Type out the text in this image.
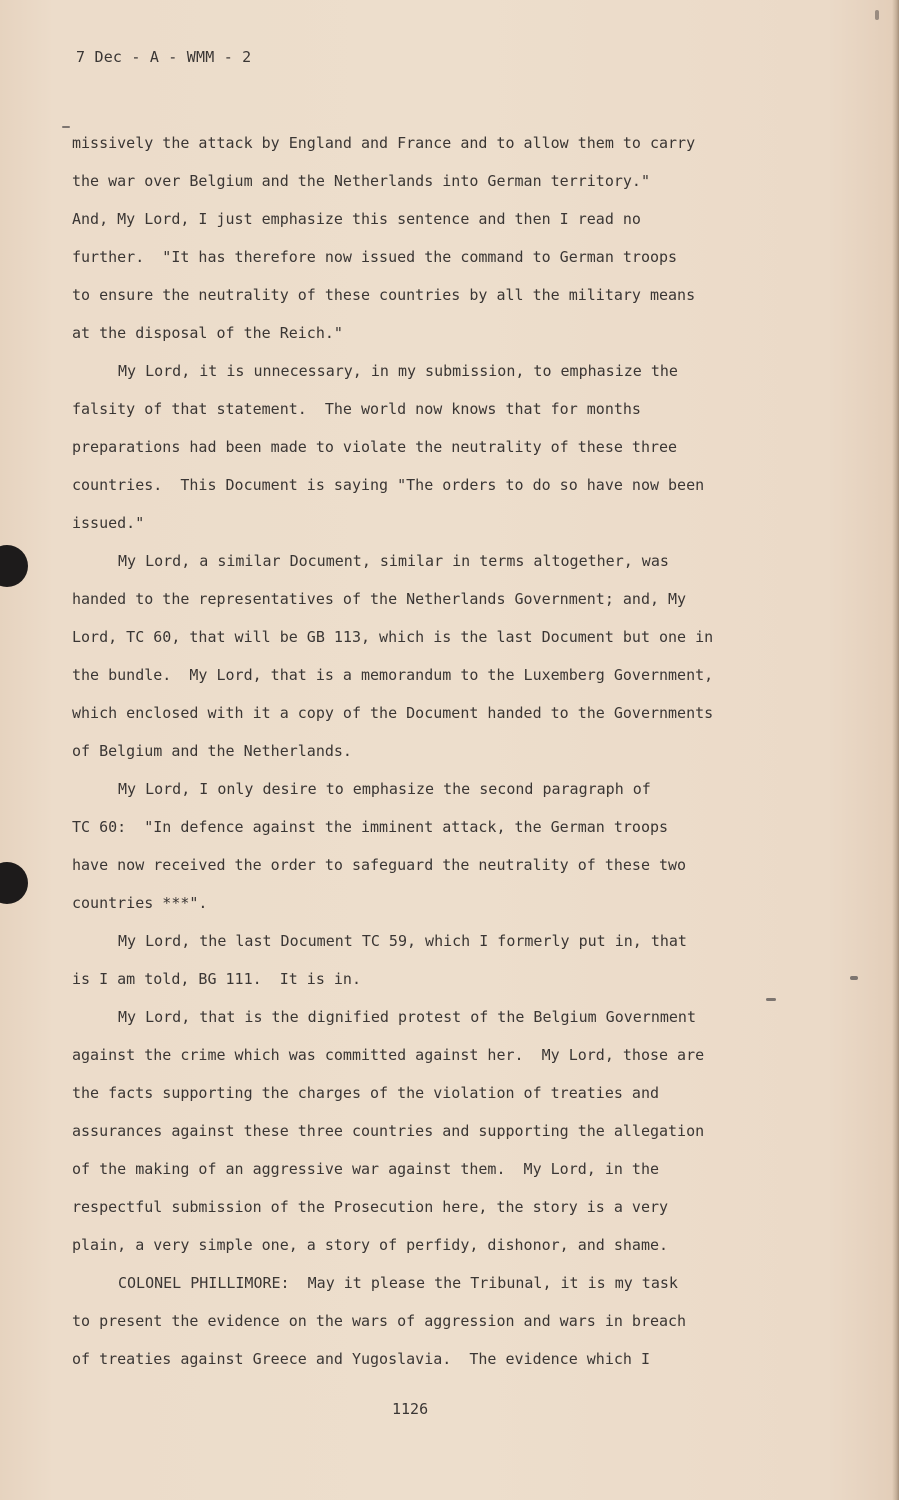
7 Dec - A - WMM - 2
missively the attack by England and France and to allow them to carry
the war over Belgium and the Netherlands into German territory."
And, My Lord, I just emphasize this sentence and then I read no
further.  "It has therefore now issued the command to German troops
to ensure the neutrality of these countries by all the military means
at the disposal of the Reich."
My Lord, it is unnecessary, in my submission, to emphasize the
falsity of that statement.  The world now knows that for months
preparations had been made to violate the neutrality of these three
countries.  This Document is saying "The orders to do so have now been
issued."
My Lord, a similar Document, similar in terms altogether, was
handed to the representatives of the Netherlands Government; and, My
Lord, TC 60, that will be GB 113, which is the last Document but one in
the bundle.  My Lord, that is a memorandum to the Luxemberg Government,
which enclosed with it a copy of the Document handed to the Governments
of Belgium and the Netherlands.
My Lord, I only desire to emphasize the second paragraph of
TC 60:  "In defence against the imminent attack, the German troops
have now received the order to safeguard the neutrality of these two
countries ***".
My Lord, the last Document TC 59, which I formerly put in, that
is I am told, BG 111.  It is in.
My Lord, that is the dignified protest of the Belgium Government
against the crime which was committed against her.  My Lord, those are
the facts supporting the charges of the violation of treaties and
assurances against these three countries and supporting the allegation
of the making of an aggressive war against them.  My Lord, in the
respectful submission of the Prosecution here, the story is a very
plain, a very simple one, a story of perfidy, dishonor, and shame.
COLONEL PHILLIMORE:  May it please the Tribunal, it is my task
to present the evidence on the wars of aggression and wars in breach
of treaties against Greece and Yugoslavia.  The evidence which I
1126
